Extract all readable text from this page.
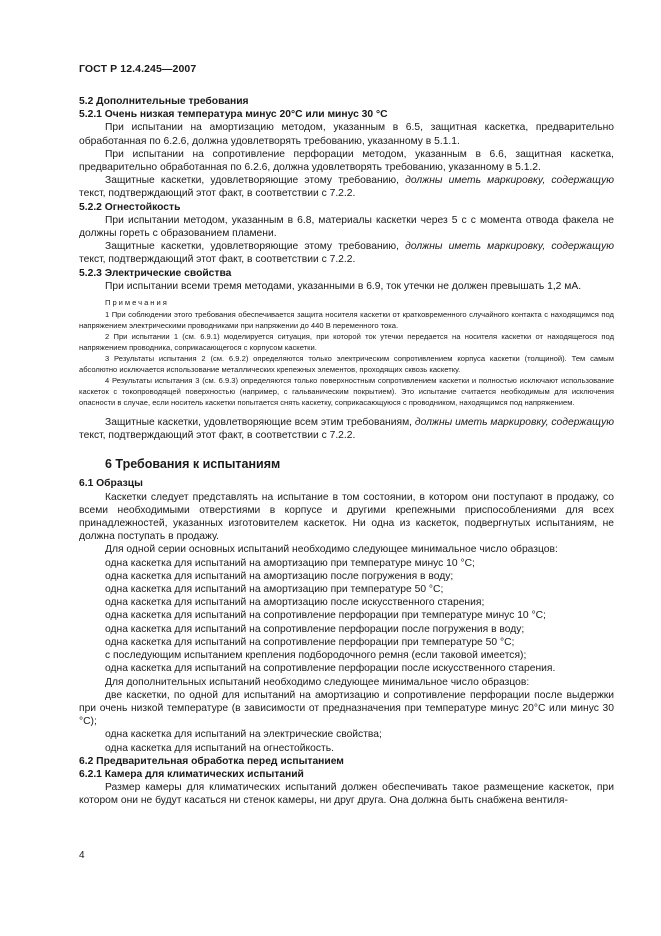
ГОСТ Р 12.4.245—2007

5.2 Дополнительные требования

5.2.1 Очень низкая температура минус 20°С или минус 30 °С

При испытании на амортизацию методом, указанным в 6.5, защитная каскетка, предварительно обработанная по 6.2.6, должна удовлетворять требованию, указанному в 5.1.1.

При испытании на сопротивление перфорации методом, указанным в 6.6, защитная каскетка, предварительно обработанная по 6.2.6, должна удовлетворять требованию, указанному в 5.1.2.

Защитные каскетки, удовлетворяющие этому требованию, должны иметь маркировку, содержащую текст, подтверждающий этот факт, в соответствии с 7.2.2.

5.2.2 Огнестойкость

При испытании методом, указанным в 6.8, материалы каскетки через 5 с с момента отвода факела не должны гореть с образованием пламени.

Защитные каскетки, удовлетворяющие этому требованию, должны иметь маркировку, содержащую текст, подтверждающий этот факт, в соответствии с 7.2.2.

5.2.3 Электрические свойства

При испытании всеми тремя методами, указанными в 6.9, ток утечки не должен превышать 1,2 мА.

Примечания

1 При соблюдении этого требования обеспечивается защита носителя каскетки от кратковременного случайного контакта с находящимся под напряжением электрическими проводниками при напряжении до 440 В переменного тока.

2 При испытании 1 (см. 6.9.1) моделируется ситуация, при которой ток утечки передается на носителя каскетки от находящегося под напряжением проводника, соприкасающегося с корпусом каскетки.

3 Результаты испытания 2 (см. 6.9.2) определяются только электрическим сопротивлением корпуса каскетки (толщиной). Тем самым абсолютно исключается использование металлических крепежных элементов, проходящих сквозь каскетку.

4 Результаты испытания 3 (см. 6.9.3) определяются только поверхностным сопротивлением каскетки и полностью исключают использование каскеток с токопроводящей поверхностью (например, с гальваническим покрытием). Это испытание считается необходимым для исключения опасности в случае, если носитель каскетки попытается снять каскетку, соприкасающуюся с проводником, находящимся под напряжением.

Защитные каскетки, удовлетворяющие всем этим требованиям, должны иметь маркировку, содержащую текст, подтверждающий этот факт, в соответствии с 7.2.2.

6 Требования к испытаниям

6.1 Образцы

Каскетки следует представлять на испытание в том состоянии, в котором они поступают в продажу, со всеми необходимыми отверстиями в корпусе и другими крепежными приспособлениями для всех принадлежностей, указанных изготовителем каскеток. Ни одна из каскеток, подвергнутых испытаниям, не должна поступать в продажу.

Для одной серии основных испытаний необходимо следующее минимальное число образцов:

одна каскетка для испытаний на амортизацию при температуре минус 10 °С;

одна каскетка для испытаний на амортизацию после погружения в воду;

одна каскетка для испытаний на амортизацию при температуре 50 °С;

одна каскетка для испытаний на амортизацию после искусственного старения;

одна каскетка для испытаний на сопротивление перфорации при температуре минус 10 °С;

одна каскетка для испытаний на сопротивление перфорации после погружения в воду;

одна каскетка для испытаний на сопротивление перфорации при температуре 50 °С;

с последующим испытанием крепления подбородочного ремня (если таковой имеется);

одна каскетка для испытаний на сопротивление перфорации после искусственного старения.

Для дополнительных испытаний необходимо следующее минимальное число образцов:

две каскетки, по одной для испытаний на амортизацию и сопротивление перфорации после выдержки при очень низкой температуре (в зависимости от предназначения при температуре минус 20°С или минус 30 °С);

одна каскетка для испытаний на электрические свойства;

одна каскетка для испытаний на огнестойкость.

6.2 Предварительная обработка перед испытанием

6.2.1 Камера для климатических испытаний

Размер камеры для климатических испытаний должен обеспечивать такое размещение каскеток, при котором они не будут касаться ни стенок камеры, ни друг друга. Она должна быть снабжена вентиля-

4
